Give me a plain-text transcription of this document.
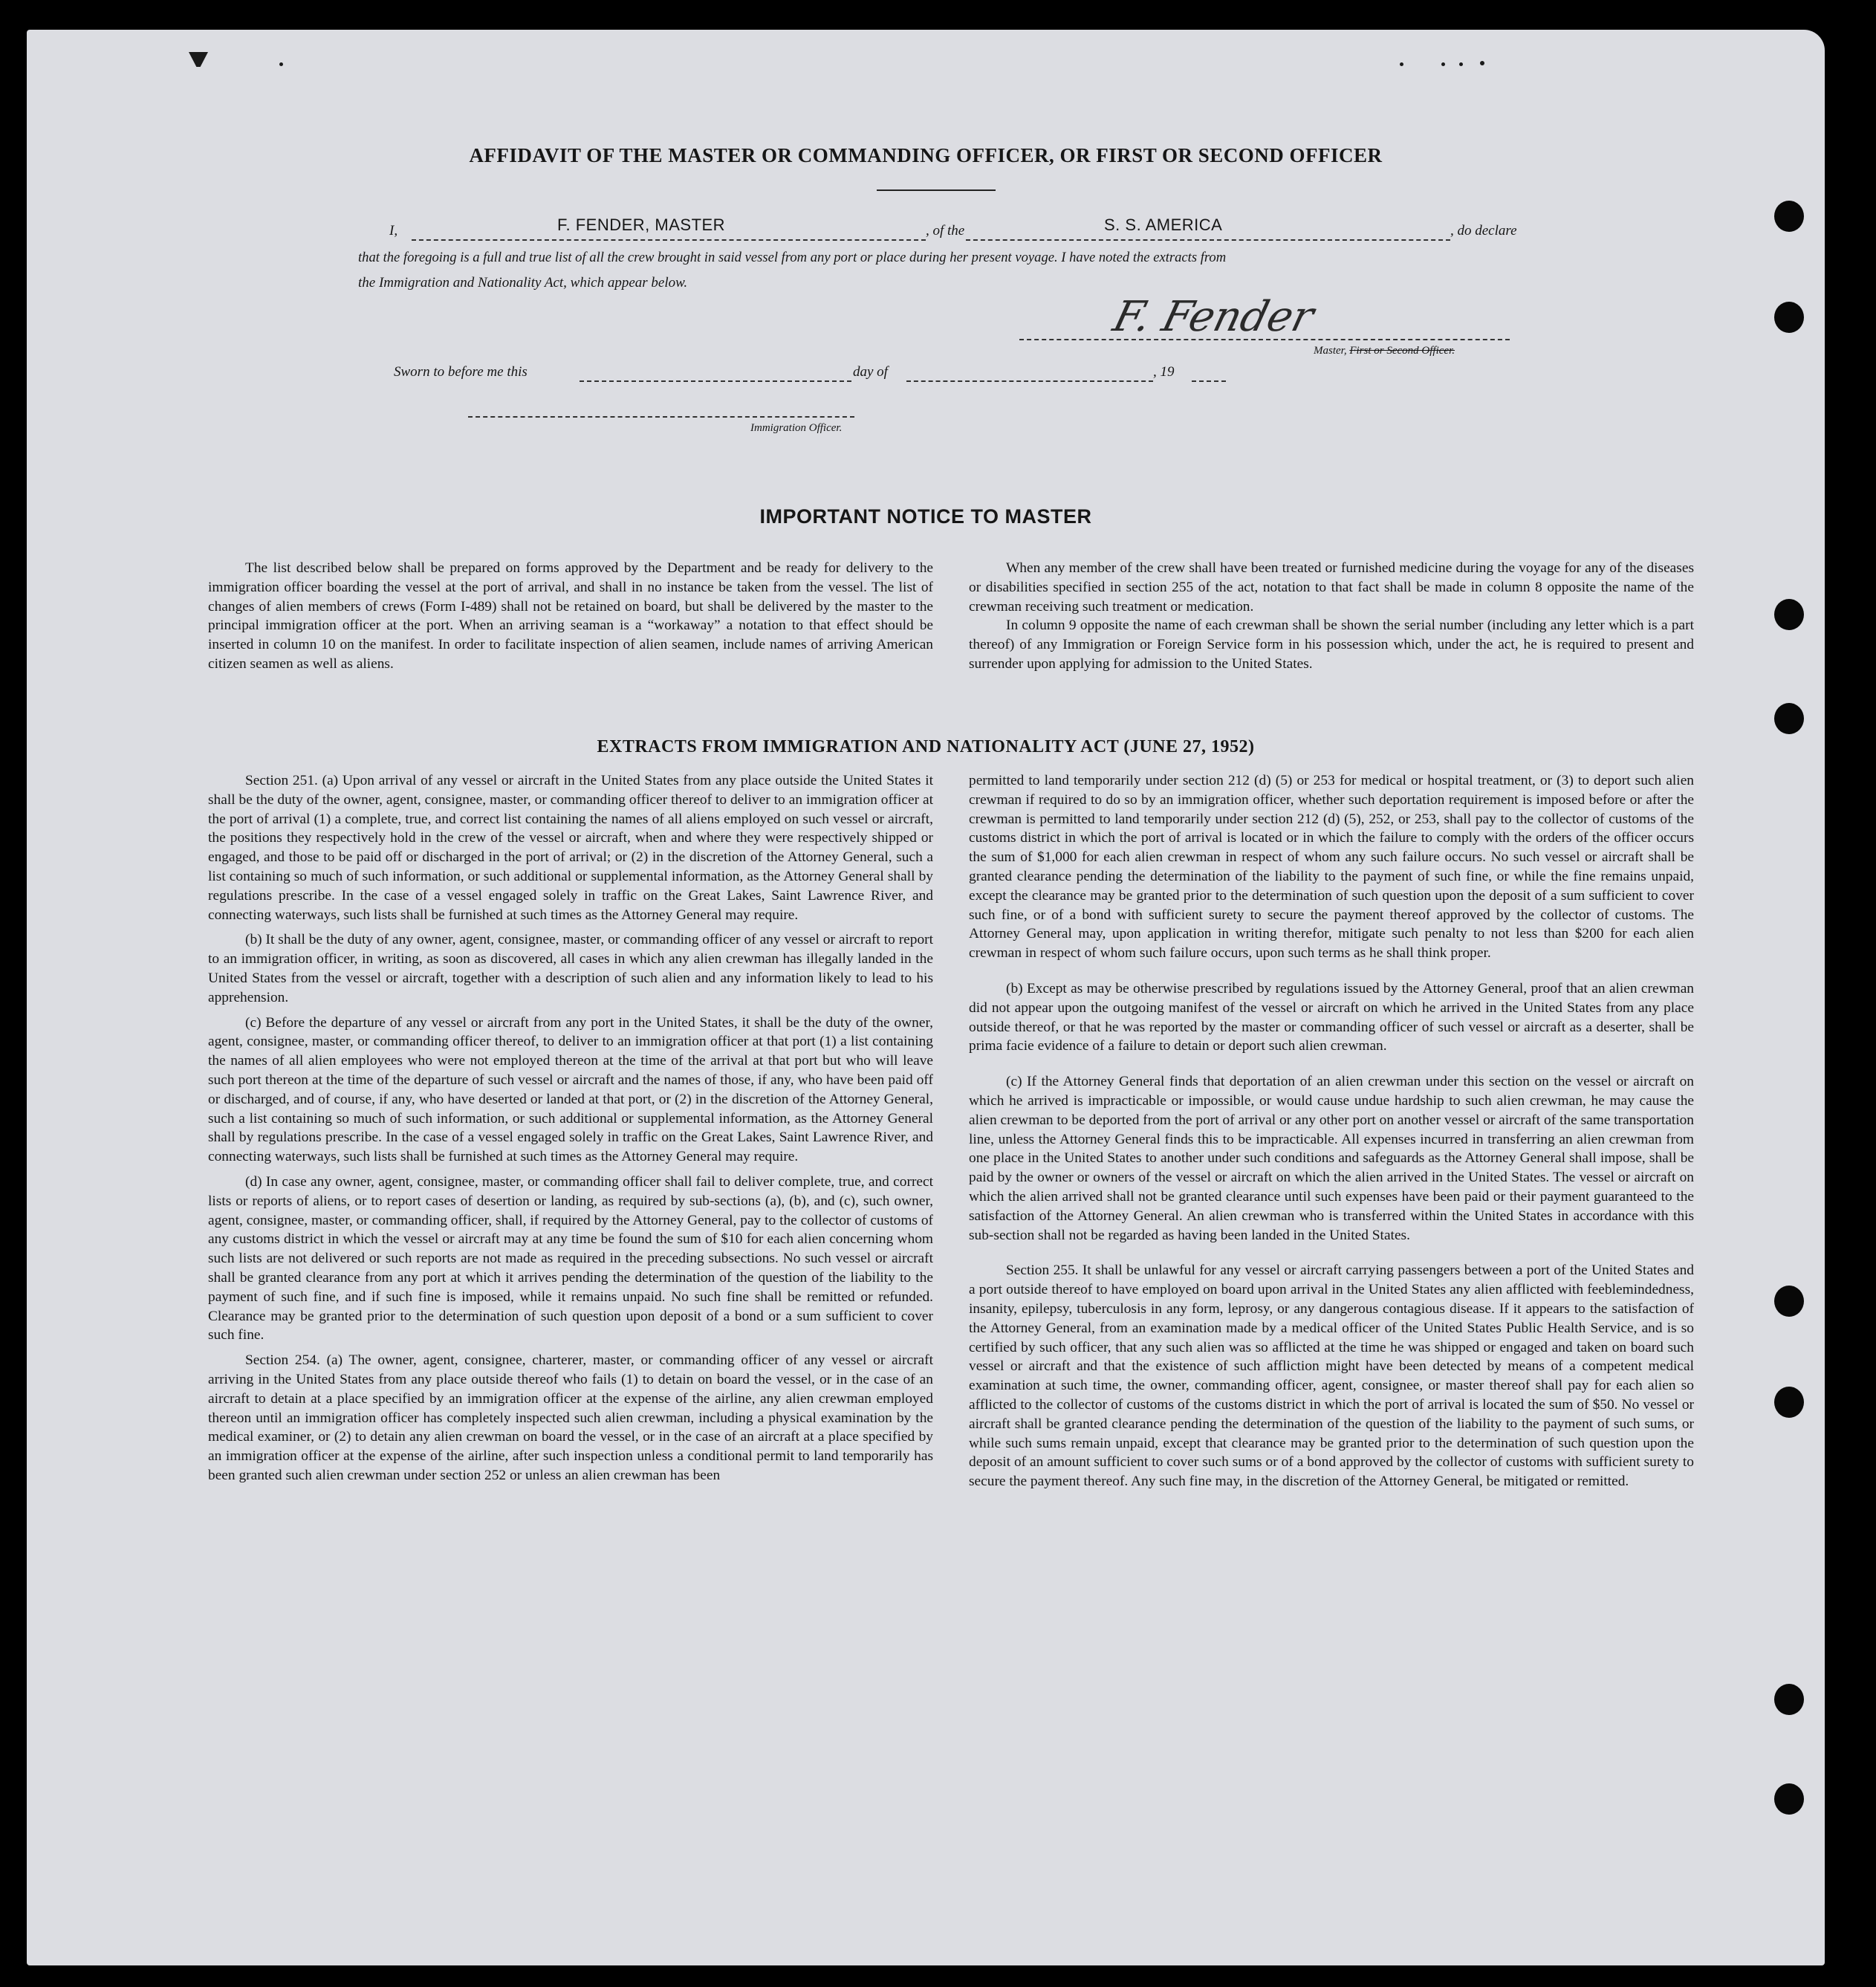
AFFIDAVIT OF THE MASTER OR COMMANDING OFFICER, OR FIRST OR SECOND OFFICER
I,	F. FENDER, MASTER	, of the	S. S. AMERICA	, do declare
that the foregoing is a full and true list of all the crew brought in said vessel from any port or place during her present voyage. I have noted the extracts from
the Immigration and Nationality Act, which appear below.
F. Fender
Master, First or Second Officer.
Sworn to before me this	day of	, 19
Immigration Officer.
IMPORTANT NOTICE TO MASTER

The list described below shall be prepared on forms approved by the Department and be ready for delivery to the immigration officer boarding the vessel at the port of arrival, and shall in no instance be taken from the vessel. The list of changes of alien members of crews (Form I-489) shall not be retained on board, but shall be delivered by the master to the principal immigration officer at the port. When an arriving seaman is a “workaway” a notation to that effect should be inserted in column 10 on the manifest. In order to facilitate inspection of alien seamen, include names of arriving American citizen seamen as well as aliens.

When any member of the crew shall have been treated or furnished medicine during the voyage for any of the diseases or disabilities specified in section 255 of the act, notation to that fact shall be made in column 8 opposite the name of the crewman receiving such treatment or medication.

In column 9 opposite the name of each crewman shall be shown the serial number (including any letter which is a part thereof) of any Immigration or Foreign Service form in his possession which, under the act, he is required to present and surrender upon applying for admission to the United States.

EXTRACTS FROM IMMIGRATION AND NATIONALITY ACT (JUNE 27, 1952)

Section 251. (a) Upon arrival of any vessel or aircraft in the United States from any place outside the United States it shall be the duty of the owner, agent, consignee, master, or commanding officer thereof to deliver to an immigration officer at the port of arrival (1) a complete, true, and correct list containing the names of all aliens employed on such vessel or aircraft, the positions they respectively hold in the crew of the vessel or aircraft, when and where they were respectively shipped or engaged, and those to be paid off or discharged in the port of arrival; or (2) in the discretion of the Attorney General, such a list containing so much of such information, or such additional or supplemental information, as the Attorney General shall by regulations prescribe. In the case of a vessel engaged solely in traffic on the Great Lakes, Saint Lawrence River, and connecting waterways, such lists shall be furnished at such times as the Attorney General may require.

(b) It shall be the duty of any owner, agent, consignee, master, or commanding officer of any vessel or aircraft to report to an immigration officer, in writing, as soon as discovered, all cases in which any alien crewman has illegally landed in the United States from the vessel or aircraft, together with a description of such alien and any information likely to lead to his apprehension.

(c) Before the departure of any vessel or aircraft from any port in the United States, it shall be the duty of the owner, agent, consignee, master, or commanding officer thereof, to deliver to an immigration officer at that port (1) a list containing the names of all alien employees who were not employed thereon at the time of the arrival at that port but who will leave such port thereon at the time of the departure of such vessel or aircraft and the names of those, if any, who have been paid off or discharged, and of course, if any, who have deserted or landed at that port, or (2) in the discretion of the Attorney General, such a list containing so much of such information, or such additional or supplemental information, as the Attorney General shall by regulations prescribe. In the case of a vessel engaged solely in traffic on the Great Lakes, Saint Lawrence River, and connecting waterways, such lists shall be furnished at such times as the Attorney General may require.

(d) In case any owner, agent, consignee, master, or commanding officer shall fail to deliver complete, true, and correct lists or reports of aliens, or to report cases of desertion or landing, as required by sub-sections (a), (b), and (c), such owner, agent, consignee, master, or commanding officer, shall, if required by the Attorney General, pay to the collector of customs of any customs district in which the vessel or aircraft may at any time be found the sum of $10 for each alien concerning whom such lists are not delivered or such reports are not made as required in the preceding subsections. No such vessel or aircraft shall be granted clearance from any port at which it arrives pending the determination of the question of the liability to the payment of such fine, and if such fine is imposed, while it remains unpaid. No such fine shall be remitted or refunded. Clearance may be granted prior to the determination of such question upon deposit of a bond or a sum sufficient to cover such fine.

Section 254. (a) The owner, agent, consignee, charterer, master, or commanding officer of any vessel or aircraft arriving in the United States from any place outside thereof who fails (1) to detain on board the vessel, or in the case of an aircraft to detain at a place specified by an immigration officer at the expense of the airline, any alien crewman employed thereon until an immigration officer has completely inspected such alien crewman, including a physical examination by the medical examiner, or (2) to detain any alien crewman on board the vessel, or in the case of an aircraft at a place specified by an immigration officer at the expense of the airline, after such inspection unless a conditional permit to land temporarily has been granted such alien crewman under section 252 or unless an alien crewman has been

permitted to land temporarily under section 212 (d) (5) or 253 for medical or hospital treatment, or (3) to deport such alien crewman if required to do so by an immigration officer, whether such deportation requirement is imposed before or after the crewman is permitted to land temporarily under section 212 (d) (5), 252, or 253, shall pay to the collector of customs of the customs district in which the port of arrival is located or in which the failure to comply with the orders of the officer occurs the sum of $1,000 for each alien crewman in respect of whom any such failure occurs. No such vessel or aircraft shall be granted clearance pending the determination of the liability to the payment of such fine, or while the fine remains unpaid, except the clearance may be granted prior to the determination of such question upon the deposit of a sum sufficient to cover such fine, or of a bond with sufficient surety to secure the payment thereof approved by the collector of customs. The Attorney General may, upon application in writing therefor, mitigate such penalty to not less than $200 for each alien crewman in respect of whom such failure occurs, upon such terms as he shall think proper.

(b) Except as may be otherwise prescribed by regulations issued by the Attorney General, proof that an alien crewman did not appear upon the outgoing manifest of the vessel or aircraft on which he arrived in the United States from any place outside thereof, or that he was reported by the master or commanding officer of such vessel or aircraft as a deserter, shall be prima facie evidence of a failure to detain or deport such alien crewman.

(c) If the Attorney General finds that deportation of an alien crewman under this section on the vessel or aircraft on which he arrived is impracticable or impossible, or would cause undue hardship to such alien crewman, he may cause the alien crewman to be deported from the port of arrival or any other port on another vessel or aircraft of the same transportation line, unless the Attorney General finds this to be impracticable. All expenses incurred in transferring an alien crewman from one place in the United States to another under such conditions and safeguards as the Attorney General shall impose, shall be paid by the owner or owners of the vessel or aircraft on which the alien arrived in the United States. The vessel or aircraft on which the alien arrived shall not be granted clearance until such expenses have been paid or their payment guaranteed to the satisfaction of the Attorney General. An alien crewman who is transferred within the United States in accordance with this sub-section shall not be regarded as having been landed in the United States.

Section 255. It shall be unlawful for any vessel or aircraft carrying passengers between a port of the United States and a port outside thereof to have employed on board upon arrival in the United States any alien afflicted with feeblemindedness, insanity, epilepsy, tuberculosis in any form, leprosy, or any dangerous contagious disease. If it appears to the satisfaction of the Attorney General, from an examination made by a medical officer of the United States Public Health Service, and is so certified by such officer, that any such alien was so afflicted at the time he was shipped or engaged and taken on board such vessel or aircraft and that the existence of such affliction might have been detected by means of a competent medical examination at such time, the owner, commanding officer, agent, consignee, or master thereof shall pay for each alien so afflicted to the collector of customs of the customs district in which the port of arrival is located the sum of $50. No vessel or aircraft shall be granted clearance pending the determination of the question of the liability to the payment of such sums, or while such sums remain unpaid, except that clearance may be granted prior to the determination of such question upon the deposit of an amount sufficient to cover such sums or of a bond approved by the collector of customs with sufficient surety to secure the payment thereof. Any such fine may, in the discretion of the Attorney General, be mitigated or remitted.
